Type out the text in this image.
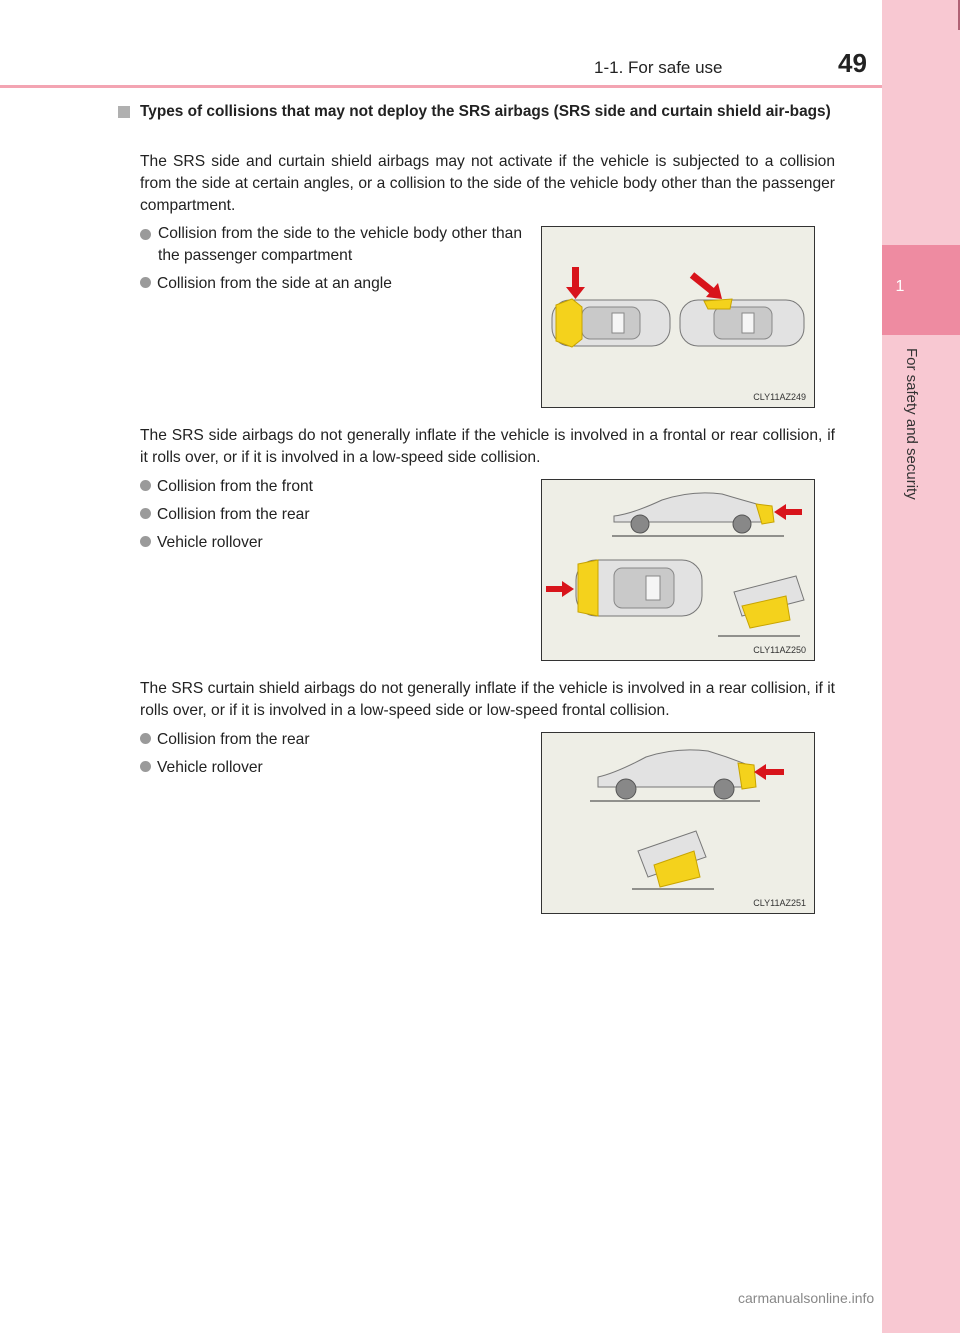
1-1. For safe use	49
1
For safety and security
Types of collisions that may not deploy the SRS airbags (SRS side and curtain shield air-bags)
The SRS side and curtain shield airbags may not activate if the vehicle is subjected to a collision from the side at certain angles, or a collision to the side of the vehicle body other than the passenger compartment.
Collision from the side to the vehicle body other than the passenger compartment
Collision from the side at an angle
CLY11AZ249
The SRS side airbags do not generally inflate if the vehicle is involved in a frontal or rear collision, if it rolls over, or if it is involved in a low-speed side collision.
Collision from the front
Collision from the rear
Vehicle rollover
CLY11AZ250
The SRS curtain shield airbags do not generally inflate if the vehicle is involved in a rear collision, if it rolls over, or if it is involved in a low-speed side or low-speed frontal collision.
Collision from the rear
Vehicle rollover
CLY11AZ251
carmanualsonline.info
